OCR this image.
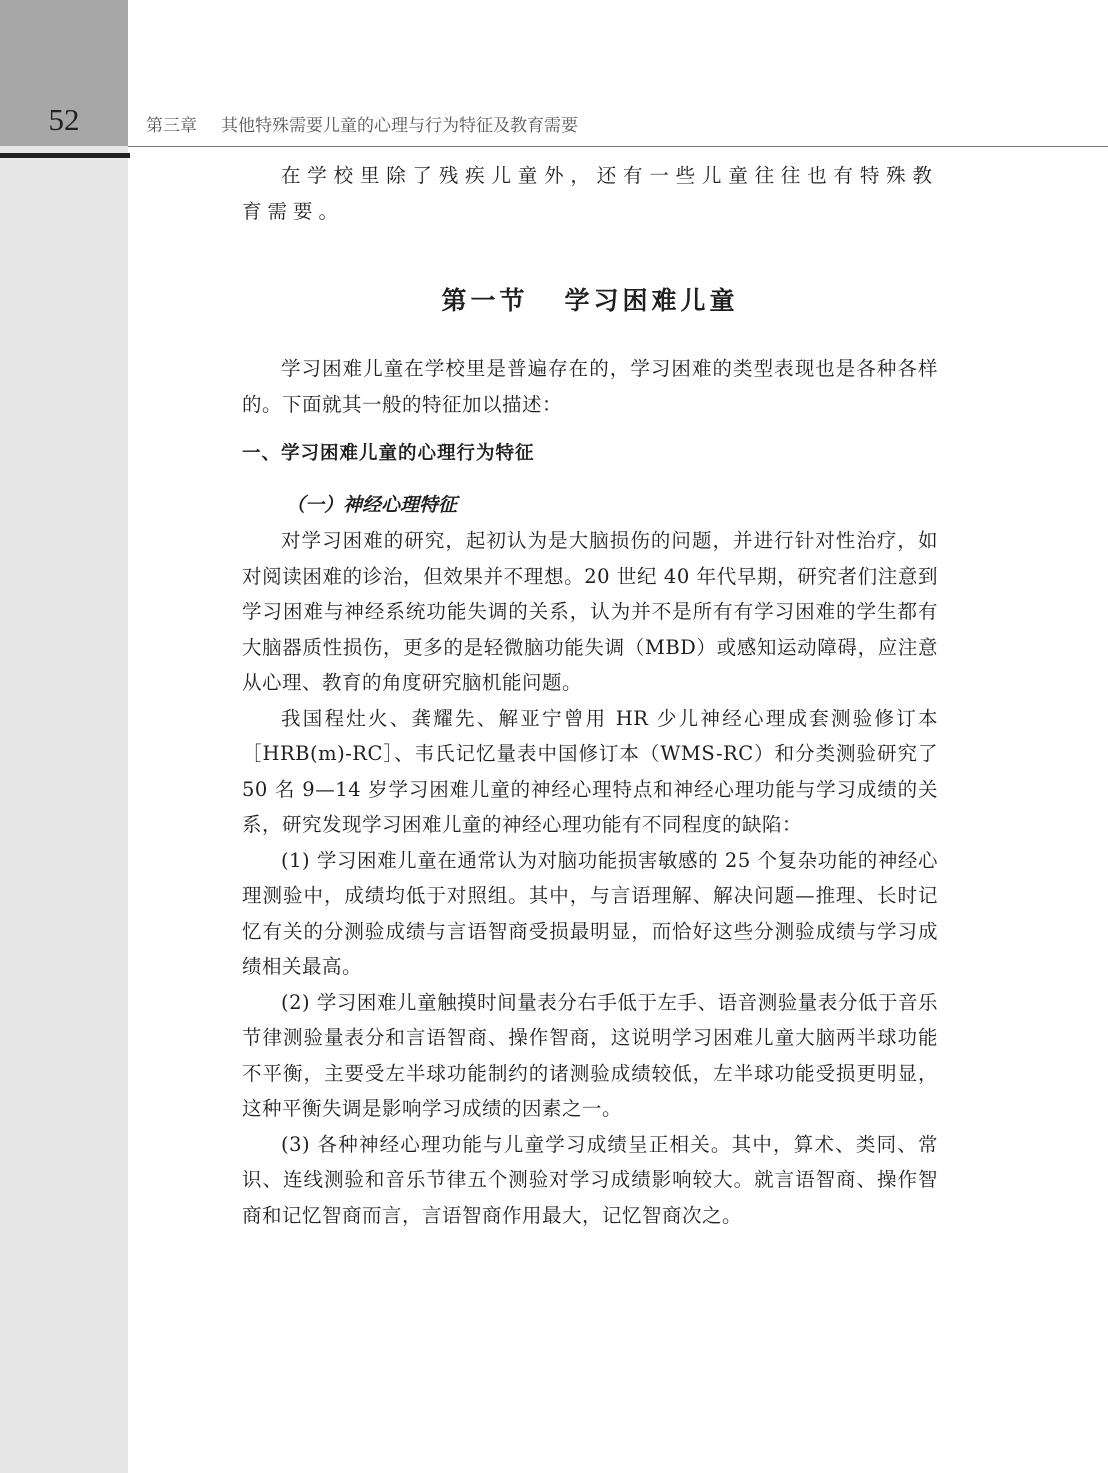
52	第三章 其他特殊需要儿童的心理与行为特征及教育需要

在学校里除了残疾儿童外，还有一些儿童往往也有特殊教育需要。

第一节 学习困难儿童

学习困难儿童在学校里是普遍存在的，学习困难的类型表现也是各种各样的。下面就其一般的特征加以描述：

一、学习困难儿童的心理行为特征
（一）神经心理特征

对学习困难的研究，起初认为是大脑损伤的问题，并进行针对性治疗，如对阅读困难的诊治，但效果并不理想。20 世纪 40 年代早期，研究者们注意到学习困难与神经系统功能失调的关系，认为并不是所有有学习困难的学生都有大脑器质性损伤，更多的是轻微脑功能失调（MBD）或感知运动障碍，应注意从心理、教育的角度研究脑机能问题。

我国程灶火、龚耀先、解亚宁曾用 HR 少儿神经心理成套测验修订本［HRB(m)-RC］、韦氏记忆量表中国修订本（WMS-RC）和分类测验研究了 50 名 9—14 岁学习困难儿童的神经心理特点和神经心理功能与学习成绩的关系，研究发现学习困难儿童的神经心理功能有不同程度的缺陷：

(1) 学习困难儿童在通常认为对脑功能损害敏感的 25 个复杂功能的神经心理测验中，成绩均低于对照组。其中，与言语理解、解决问题—推理、长时记忆有关的分测验成绩与言语智商受损最明显，而恰好这些分测验成绩与学习成绩相关最高。

(2) 学习困难儿童触摸时间量表分右手低于左手、语音测验量表分低于音乐节律测验量表分和言语智商、操作智商，这说明学习困难儿童大脑两半球功能不平衡，主要受左半球功能制约的诸测验成绩较低，左半球功能受损更明显，这种平衡失调是影响学习成绩的因素之一。

(3) 各种神经心理功能与儿童学习成绩呈正相关。其中，算术、类同、常识、连线测验和音乐节律五个测验对学习成绩影响较大。就言语智商、操作智商和记忆智商而言，言语智商作用最大，记忆智商次之。
